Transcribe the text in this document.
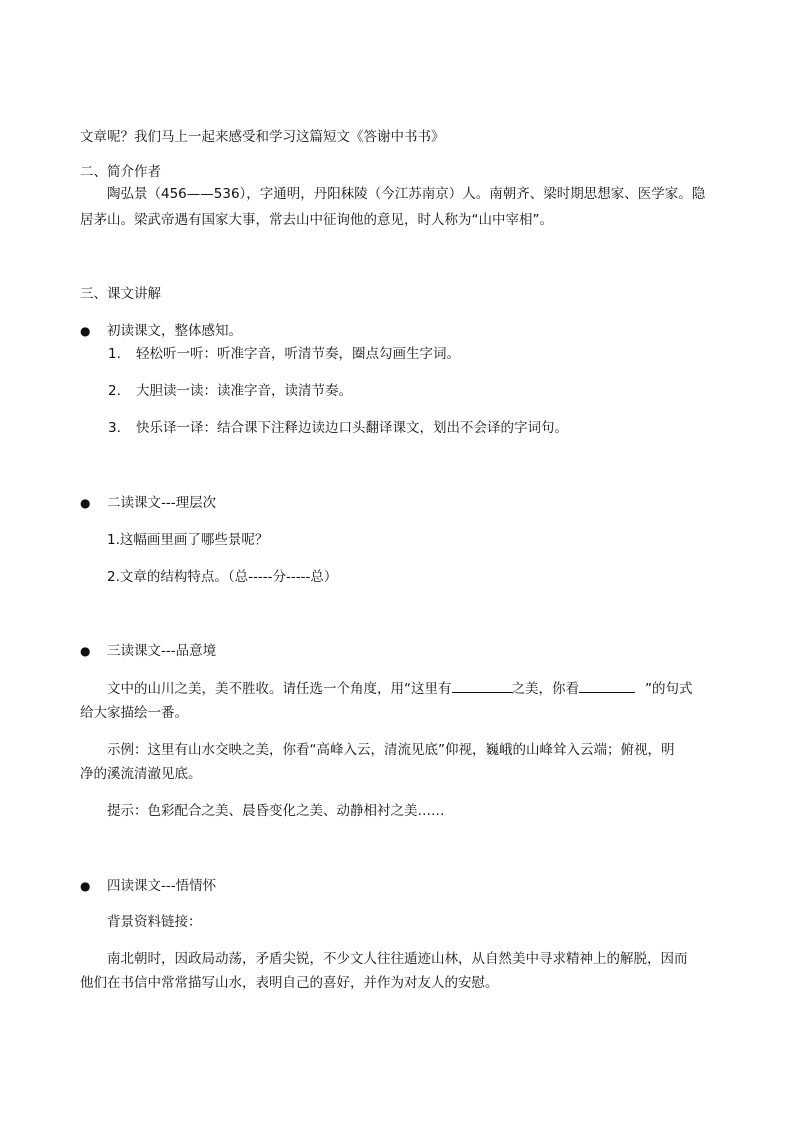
文章呢？我们马上一起来感受和学习这篇短文《答谢中书书》
二、简介作者
陶弘景（456——536），字通明，丹阳秣陵（今江苏南京）人。南朝齐、梁时期思想家、医学家。隐
居茅山。梁武帝遇有国家大事，常去山中征询他的意见，时人称为“山中宰相”。
三、课文讲解
● 初读课文，整体感知。
1. 轻松听一听：听准字音，听清节奏，圈点勾画生字词。
2. 大胆读一读：读准字音，读清节奏。
3. 快乐译一译：结合课下注释边读边口头翻译课文，划出不会译的字词句。
● 二读课文---理层次
1.这幅画里画了哪些景呢？
2.文章的结构特点。（总-----分-----总）
● 三读课文---品意境
文中的山川之美，美不胜收。请任选一个角度，用“这里有	之美，你看	”的句式
给大家描绘一番。
示例：这里有山水交映之美，你看“高峰入云，清流见底”仰视，巍峨的山峰耸入云端；俯视，明
净的溪流清澈见底。
提示：色彩配合之美、晨昏变化之美、动静相衬之美……
● 四读课文---悟情怀
背景资料链接：
南北朝时，因政局动荡，矛盾尖锐，不少文人往往遁迹山林，从自然美中寻求精神上的解脱，因而
他们在书信中常常描写山水，表明自己的喜好，并作为对友人的安慰。
